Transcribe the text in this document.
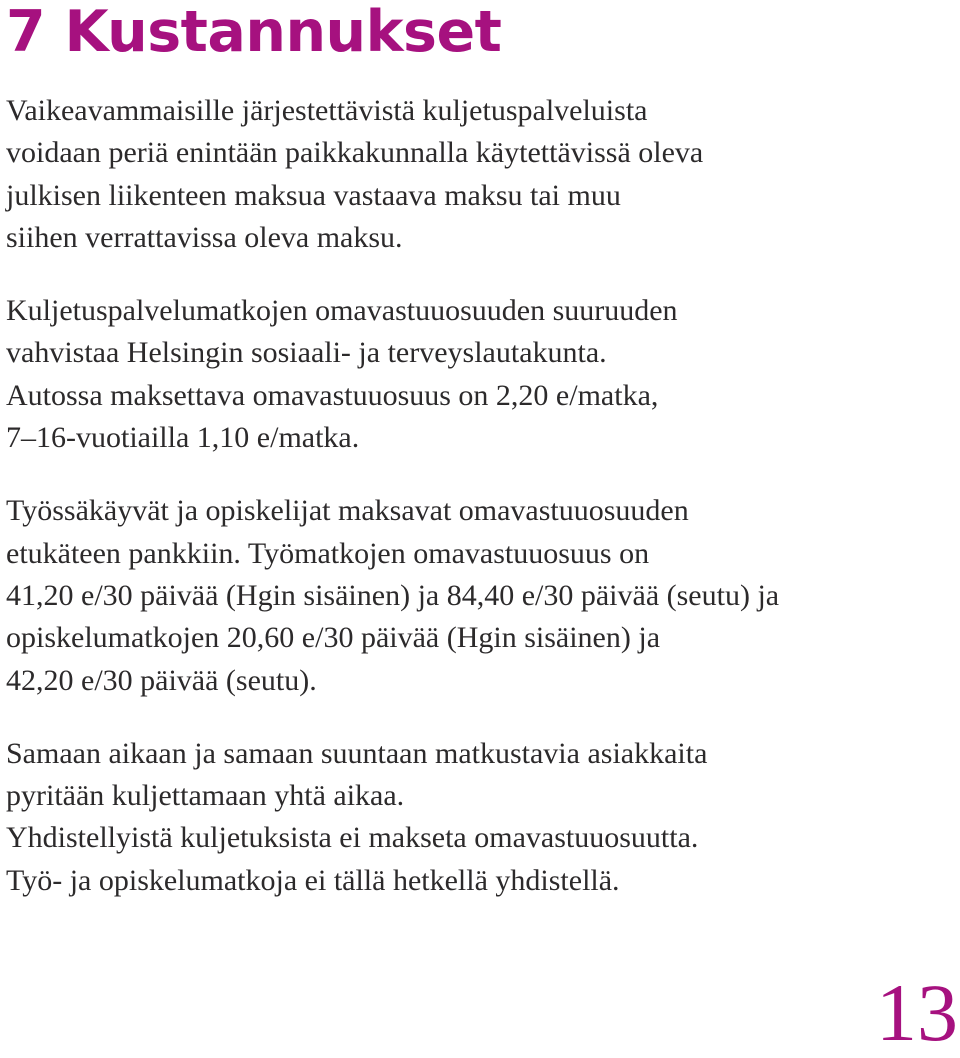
7 Kustannukset

Vaikeavammaisille järjestettävistä kuljetuspalveluista
voidaan periä enintään paikkakunnalla käytettävissä oleva
julkisen liikenteen maksua vastaava maksu tai muu
siihen verrattavissa oleva maksu.

Kuljetuspalvelumatkojen omavastuuosuuden suuruuden
vahvistaa Helsingin sosiaali- ja terveyslautakunta.
Autossa maksettava omavastuuosuus on 2,20 e/matka,
7–16-vuotiailla 1,10 e/matka.

Työssäkäyvät ja opiskelijat maksavat omavastuuosuuden
etukäteen pankkiin. Työmatkojen omavastuuosuus on
41,20 e/30 päivää (Hgin sisäinen) ja 84,40 e/30 päivää (seutu) ja
opiskelumatkojen 20,60 e/30 päivää (Hgin sisäinen) ja
42,20 e/30 päivää (seutu).

Samaan aikaan ja samaan suuntaan matkustavia asiakkaita
pyritään kuljettamaan yhtä aikaa.
Yhdistellyistä kuljetuksista ei makseta omavastuuosuutta.
Työ- ja opiskelumatkoja ei tällä hetkellä yhdistellä.

13
